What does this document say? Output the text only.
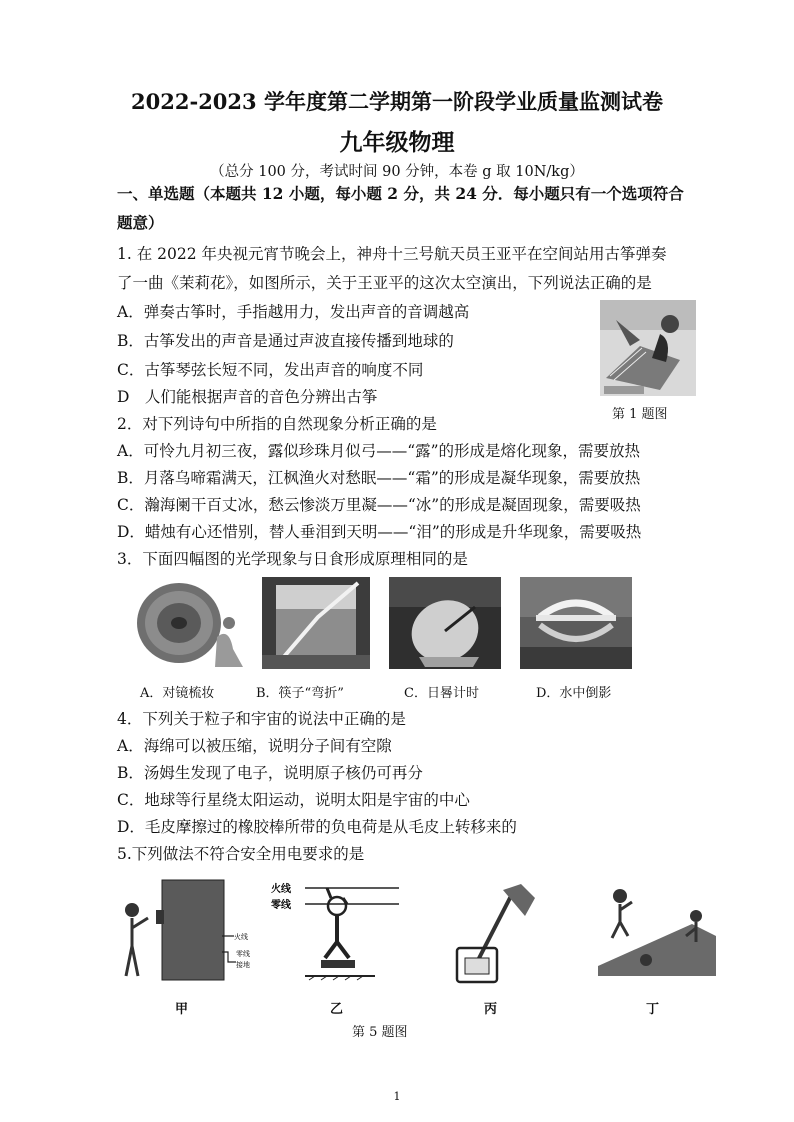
2022-2023 学年度第二学期第一阶段学业质量监测试卷
九年级物理
（总分 100 分，考试时间 90 分钟，本卷 g 取 10N/kg）
一、单选题（本题共 12 小题，每小题 2 分，共 24 分．每小题只有一个选项符合
题意）
1. 在 2022 年央视元宵节晚会上，神舟十三号航天员王亚平在空间站用古筝弹奏
了一曲《茉莉花》，如图所示，关于王亚平的这次太空演出，下列说法正确的是
A．弹奏古筝时，手指越用力，发出声音的音调越高
B．古筝发出的声音是通过声波直接传播到地球的
C．古筝琴弦长短不同，发出声音的响度不同
D　人们能根据声音的音色分辨出古筝
第 1 题图
2．对下列诗句中所指的自然现象分析正确的是
A．可怜九月初三夜，露似珍珠月似弓——“露”的形成是熔化现象，需要放热
B．月落乌啼霜满天，江枫渔火对愁眠——“霜”的形成是凝华现象，需要放热
C．瀚海阑干百丈冰，愁云惨淡万里凝——“冰”的形成是凝固现象，需要吸热
D．蜡烛有心还惜别，替人垂泪到天明——“泪”的形成是升华现象，需要吸热
3．下面四幅图的光学现象与日食形成原理相同的是
A．对镜梳妆	B．筷子“弯折”	C．日晷计时	D．水中倒影
4．下列关于粒子和宇宙的说法中正确的是
A．海绵可以被压缩，说明分子间有空隙
B．汤姆生发现了电子，说明原子核仍可再分
C．地球等行星绕太阳运动，说明太阳是宇宙的中心
D．毛皮摩擦过的橡胶棒所带的负电荷是从毛皮上转移来的
5.下列做法不符合安全用电要求的是
火线
零线
接地
火线
零线
甲	乙	丙	丁
第 5 题图
1
